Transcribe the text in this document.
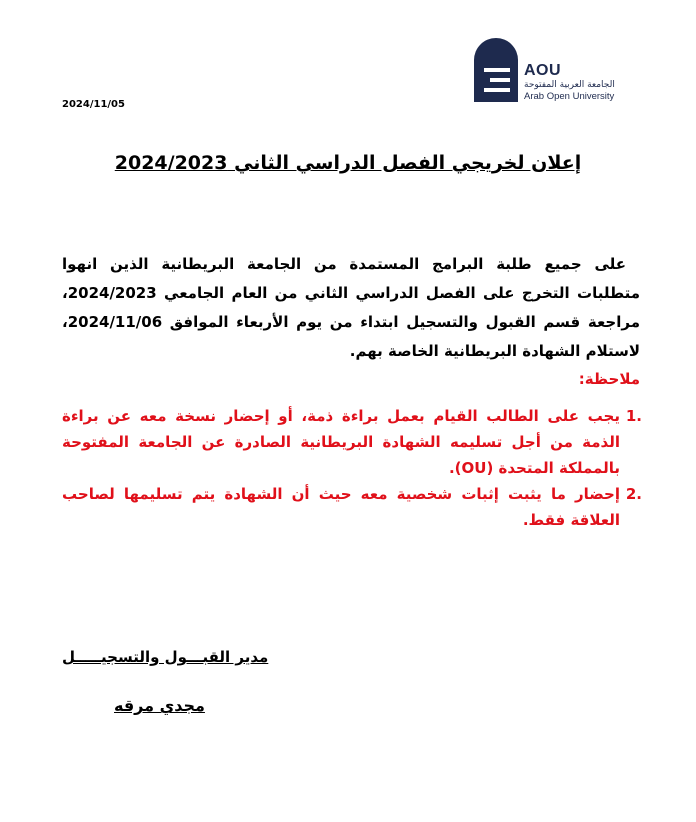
2024/11/05
AOU
الجامعة العربية المفتوحة
Arab Open University
إعلان لخريجي الفصل الدراسي الثاني 2024/2023
على جميع طلبة البرامج المستمدة من الجامعة البريطانية الذين انهوا متطلبات التخرج على الفصل الدراسي الثاني من العام الجامعي 2024/2023، مراجعة قسم القبول والتسجيل ابتداء من يوم الأربعاء الموافق 2024/11/06، لاستلام الشهادة البريطانية الخاصة بهم.
ملاحظة:
1.
يجب على الطالب القيام بعمل براءة ذمة، أو إحضار نسخة معه عن براءة الذمة من أجل تسليمه الشهادة البريطانية الصادرة عن الجامعة المفتوحة بالمملكة المتحدة (OU).
2.
إحضار ما يثبت إثبات شخصية معه حيث أن الشهادة يتم تسليمها لصاحب العلاقة فقط.
مدير القبـــول والتسجيـــــل
مجدي مرقه
